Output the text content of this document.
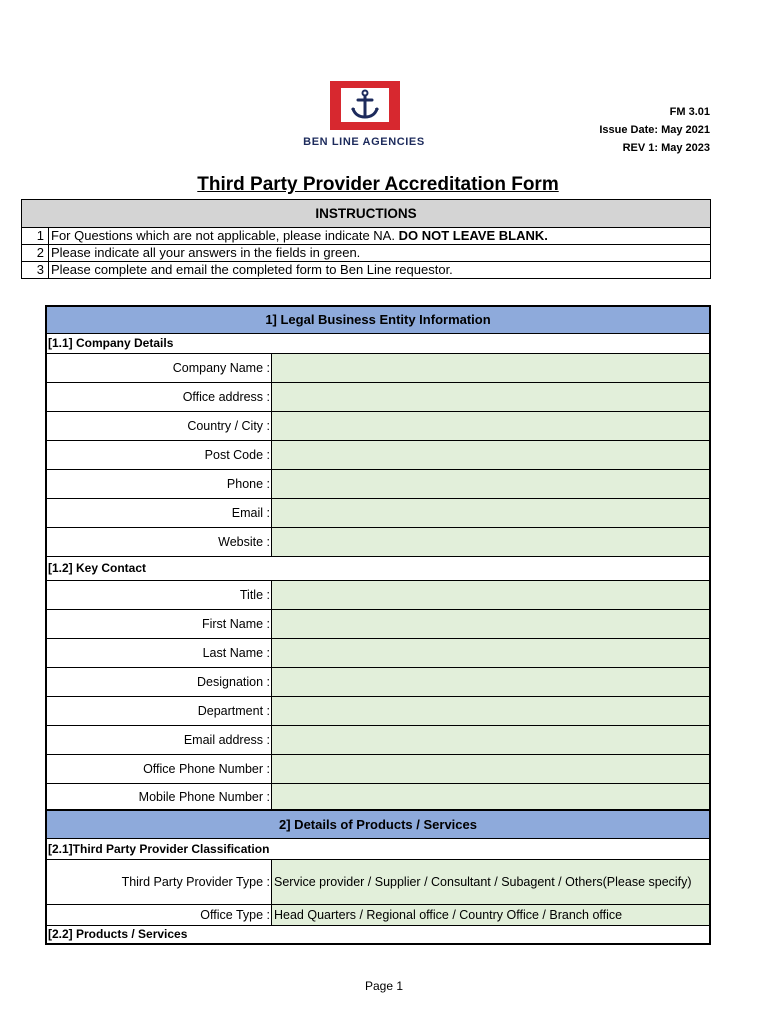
BEN LINE AGENCIES
FM 3.01
Issue Date: May 2021
REV 1: May 2023
Third Party Provider Accreditation Form
INSTRUCTIONS	
1	For Questions which are not applicable, please indicate NA. DO NOT LEAVE BLANK.
2	Please indicate all your answers in the fields in green.
3	Please complete and email the completed form to Ben Line requestor.
1] Legal Business Entity Information
[1.1] Company Details
Company Name :
Office address :
Country / City :
Post Code :
Phone :
Email :
Website :
[1.2] Key Contact
Title :
First Name :
Last Name :
Designation :
Department :
Email address :
Office Phone Number :
Mobile Phone Number :
2] Details of Products / Services
[2.1]Third Party Provider Classification
Third Party Provider Type : Service provider / Supplier / Consultant / Subagent / Others(Please specify)
Office Type : Head Quarters / Regional office / Country Office / Branch office
[2.2] Products / Services
Page 1
